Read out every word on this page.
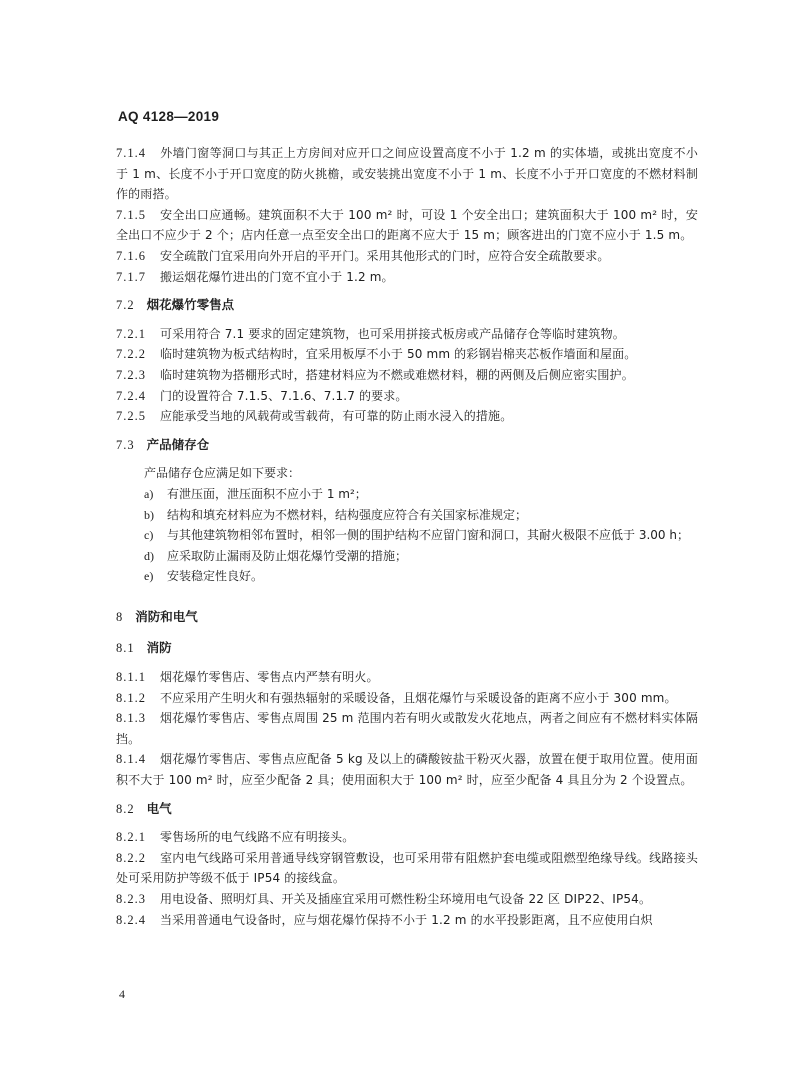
AQ 4128—2019

7.1.4 外墙门窗等洞口与其正上方房间对应开口之间应设置高度不小于 1.2 m 的实体墙，或挑出宽度不小于 1 m、长度不小于开口宽度的防火挑檐，或安装挑出宽度不小于 1 m、长度不小于开口宽度的不燃材料制作的雨搭。

7.1.5 安全出口应通畅。建筑面积不大于 100 m² 时，可设 1 个安全出口；建筑面积大于 100 m² 时，安全出口不应少于 2 个；店内任意一点至安全出口的距离不应大于 15 m；顾客进出的门宽不应小于 1.5 m。

7.1.6 安全疏散门宜采用向外开启的平开门。采用其他形式的门时，应符合安全疏散要求。

7.1.7 搬运烟花爆竹进出的门宽不宜小于 1.2 m。

7.2 烟花爆竹零售点

7.2.1 可采用符合 7.1 要求的固定建筑物，也可采用拼接式板房或产品储存仓等临时建筑物。

7.2.2 临时建筑物为板式结构时，宜采用板厚不小于 50 mm 的彩钢岩棉夹芯板作墙面和屋面。

7.2.3 临时建筑物为搭棚形式时，搭建材料应为不燃或难燃材料，棚的两侧及后侧应密实围护。

7.2.4 门的设置符合 7.1.5、7.1.6、7.1.7 的要求。

7.2.5 应能承受当地的风载荷或雪载荷，有可靠的防止雨水浸入的措施。

7.3 产品储存仓

产品储存仓应满足如下要求：

a) 有泄压面，泄压面积不应小于 1 m²；

b) 结构和填充材料应为不燃材料，结构强度应符合有关国家标准规定；

c) 与其他建筑物相邻布置时，相邻一侧的围护结构不应留门窗和洞口，其耐火极限不应低于 3.00 h；

d) 应采取防止漏雨及防止烟花爆竹受潮的措施；

e) 安装稳定性良好。

8 消防和电气
8.1 消防

8.1.1 烟花爆竹零售店、零售点内严禁有明火。

8.1.2 不应采用产生明火和有强热辐射的采暖设备，且烟花爆竹与采暖设备的距离不应小于 300 mm。

8.1.3 烟花爆竹零售店、零售点周围 25 m 范围内若有明火或散发火花地点，两者之间应有不燃材料实体隔挡。

8.1.4 烟花爆竹零售店、零售点应配备 5 kg 及以上的磷酸铵盐干粉灭火器，放置在便于取用位置。使用面积不大于 100 m² 时，应至少配备 2 具；使用面积大于 100 m² 时，应至少配备 4 具且分为 2 个设置点。

8.2 电气

8.2.1 零售场所的电气线路不应有明接头。

8.2.2 室内电气线路可采用普通导线穿钢管敷设，也可采用带有阻燃护套电缆或阻燃型绝缘导线。线路接头处可采用防护等级不低于 IP54 的接线盒。

8.2.3 用电设备、照明灯具、开关及插座宜采用可燃性粉尘环境用电气设备 22 区 DIP22、IP54。

8.2.4 当采用普通电气设备时，应与烟花爆竹保持不小于 1.2 m 的水平投影距离，且不应使用白炽

4
